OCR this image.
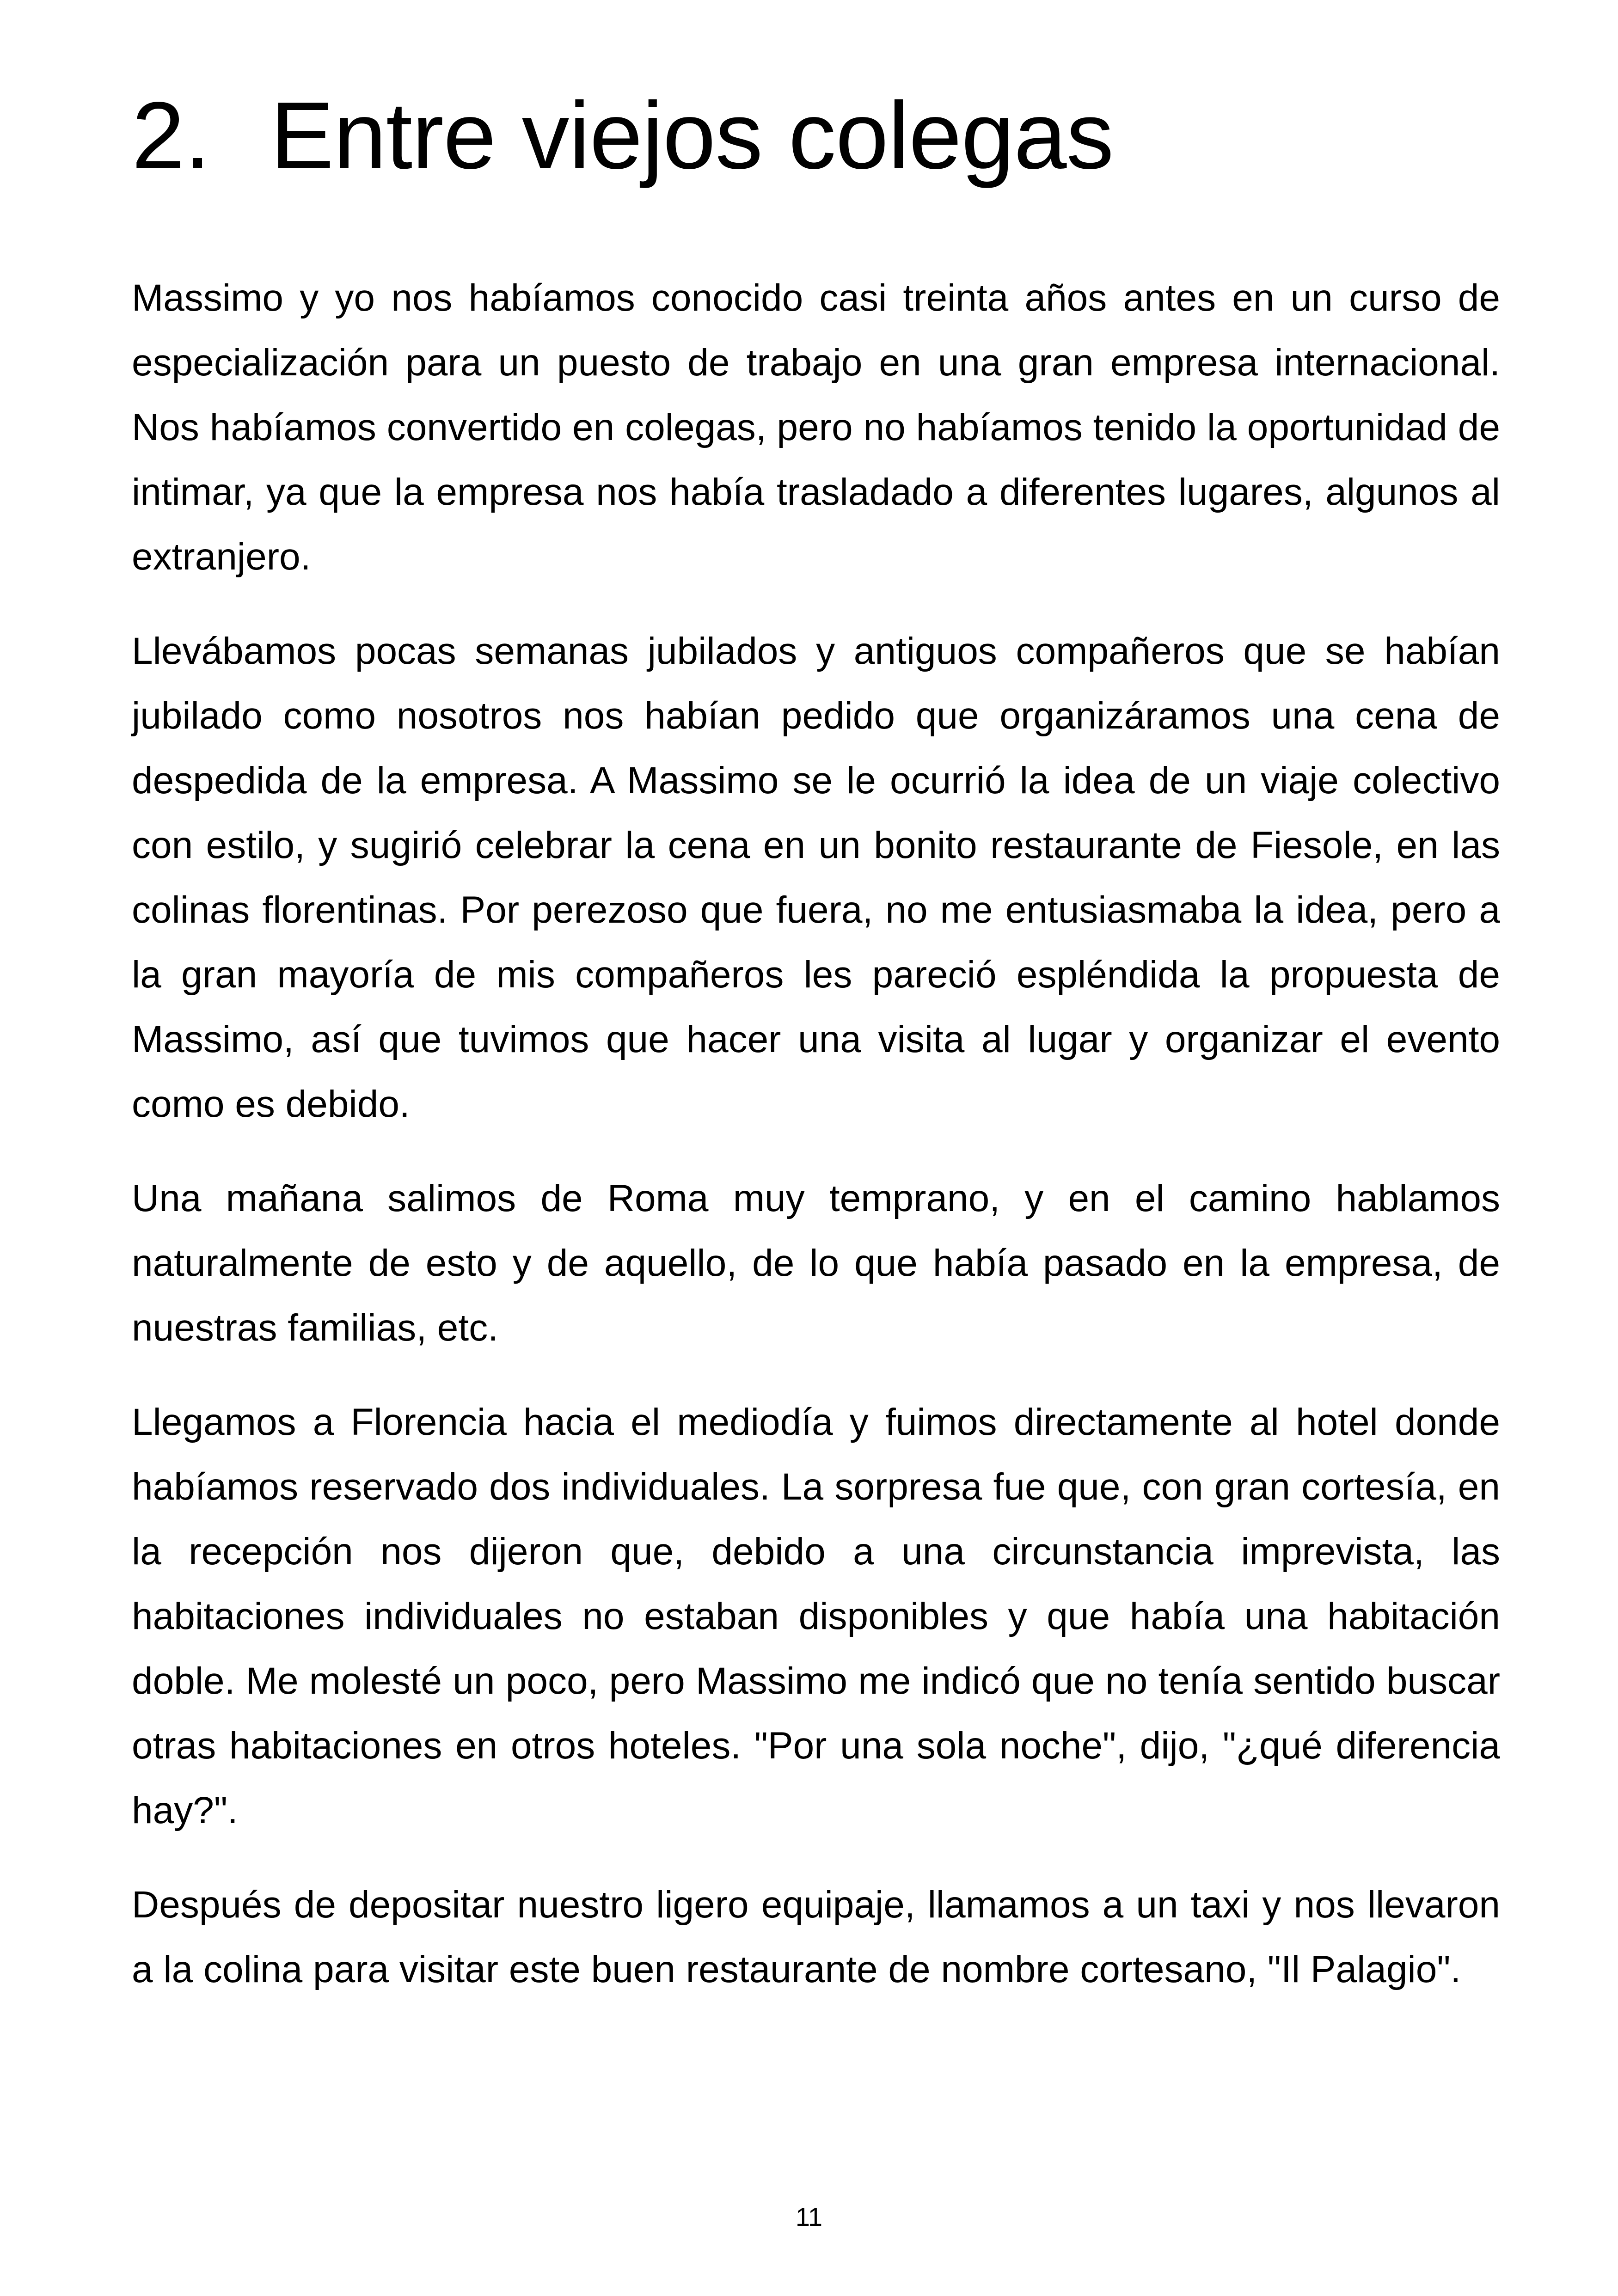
2. Entre viejos colegas

Massimo y yo nos habíamos conocido casi treinta años antes en un curso de especialización para un puesto de trabajo en una gran empresa internacional. Nos habíamos convertido en colegas, pero no habíamos tenido la oportunidad de intimar, ya que la empresa nos había trasladado a diferentes lugares, algunos al extranjero.

Llevábamos pocas semanas jubilados y antiguos compañeros que se habían jubilado como nosotros nos habían pedido que organizáramos una cena de despedida de la empresa. A Massimo se le ocurrió la idea de un viaje colectivo con estilo, y sugirió celebrar la cena en un bonito restaurante de Fiesole, en las colinas florentinas. Por perezoso que fuera, no me entusiasmaba la idea, pero a la gran mayoría de mis compañeros les pareció espléndida la propuesta de Massimo, así que tuvimos que hacer una visita al lugar y organizar el evento como es debido.

Una mañana salimos de Roma muy temprano, y en el camino hablamos naturalmente de esto y de aquello, de lo que había pasado en la empresa, de nuestras familias, etc.

Llegamos a Florencia hacia el mediodía y fuimos directamente al hotel donde habíamos reservado dos individuales. La sorpresa fue que, con gran cortesía, en la recepción nos dijeron que, debido a una circunstancia imprevista, las habitaciones individuales no estaban disponibles y que había una habitación doble. Me molesté un poco, pero Massimo me indicó que no tenía sentido buscar otras habitaciones en otros hoteles. "Por una sola noche", dijo, "¿qué diferencia hay?".

Después de depositar nuestro ligero equipaje, llamamos a un taxi y nos llevaron a la colina para visitar este buen restaurante de nombre cortesano, "Il Palagio".

11
